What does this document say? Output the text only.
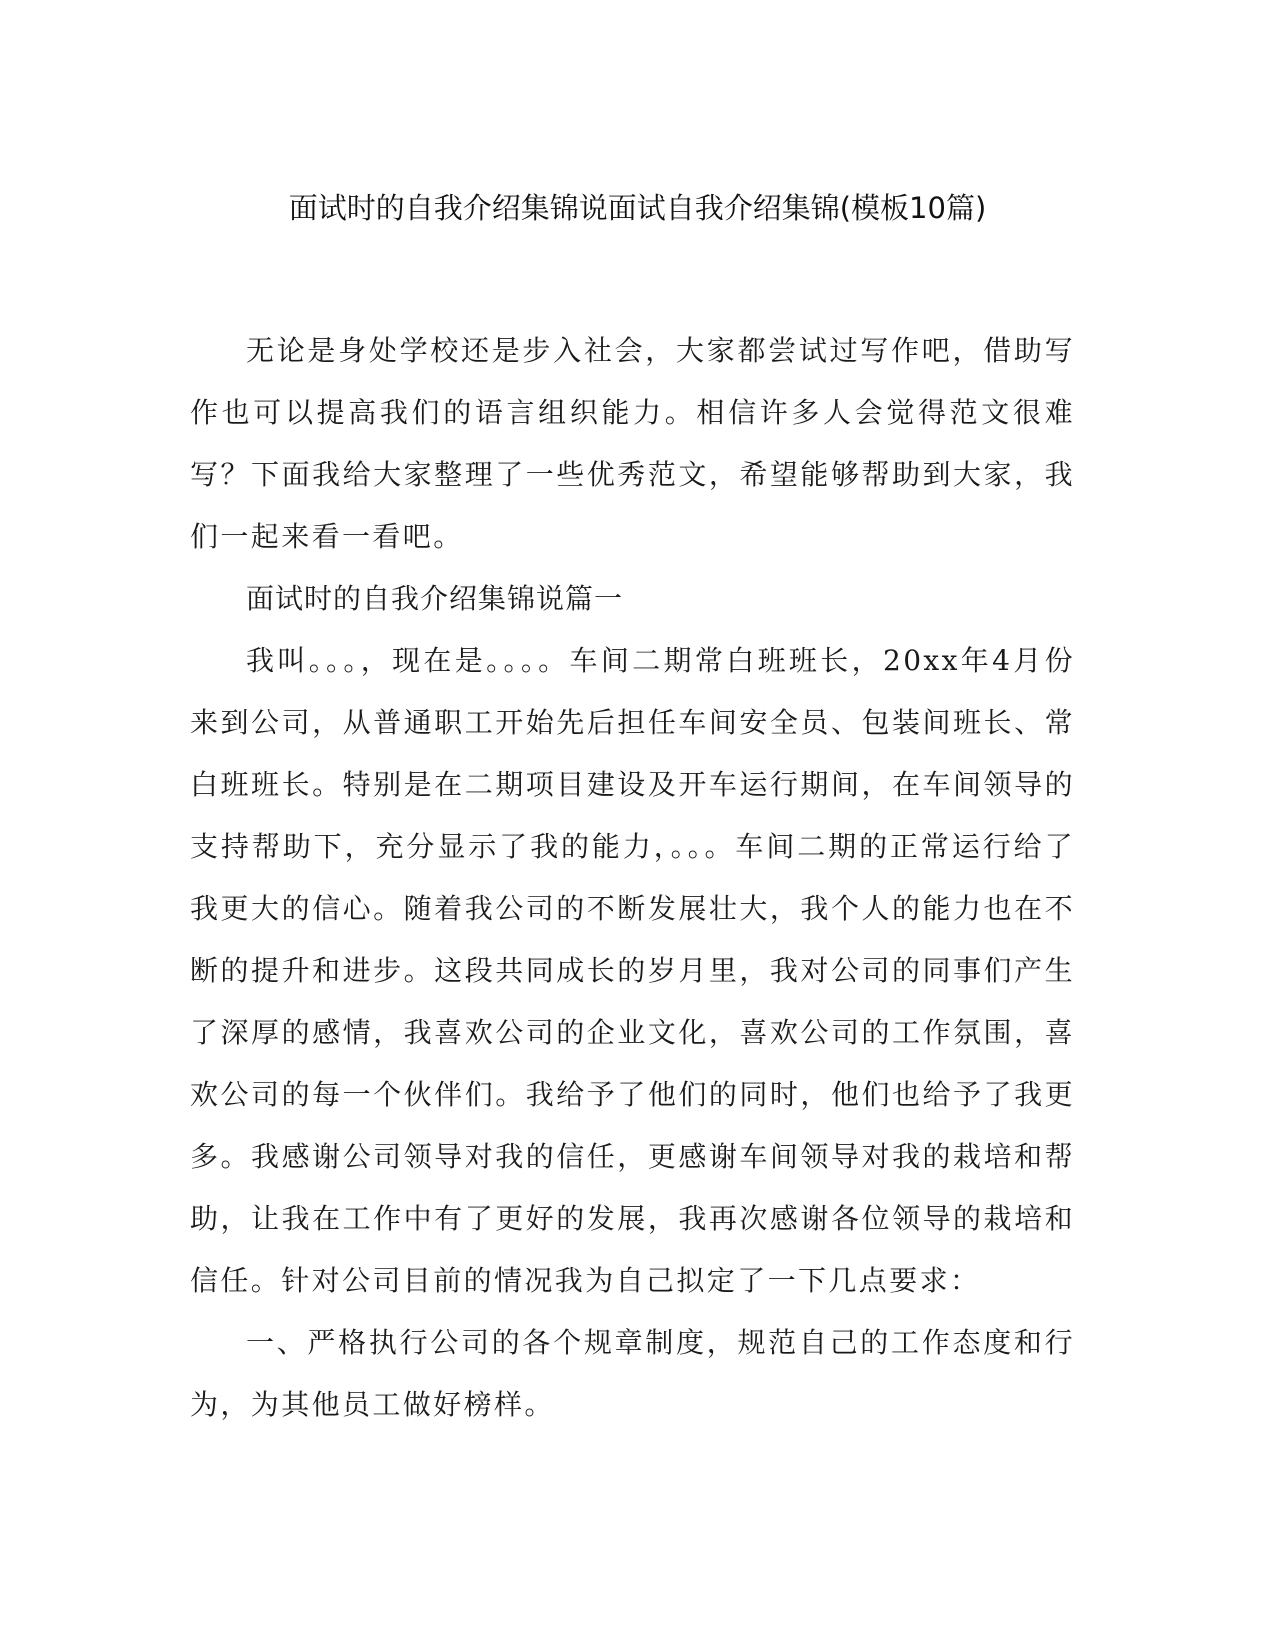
面试时的自我介绍集锦说面试自我介绍集锦(模板10篇)

无论是身处学校还是步入社会，大家都尝试过写作吧，借助写作也可以提高我们的语言组织能力。相信许多人会觉得范文很难写？下面我给大家整理了一些优秀范文，希望能够帮助到大家，我们一起来看一看吧。

面试时的自我介绍集锦说篇一

我叫。。。，现在是。。。。车间二期常白班班长，20xx年4月份来到公司，从普通职工开始先后担任车间安全员、包装间班长、常白班班长。特别是在二期项目建设及开车运行期间，在车间领导的支持帮助下，充分显示了我的能力，。。。车间二期的正常运行给了我更大的信心。随着我公司的不断发展壮大，我个人的能力也在不断的提升和进步。这段共同成长的岁月里，我对公司的同事们产生了深厚的感情，我喜欢公司的企业文化，喜欢公司的工作氛围，喜欢公司的每一个伙伴们。我给予了他们的同时，他们也给予了我更多。我感谢公司领导对我的信任，更感谢车间领导对我的栽培和帮助，让我在工作中有了更好的发展，我再次感谢各位领导的栽培和信任。针对公司目前的情况我为自己拟定了一下几点要求：

一、严格执行公司的各个规章制度，规范自己的工作态度和行为，为其他员工做好榜样。
